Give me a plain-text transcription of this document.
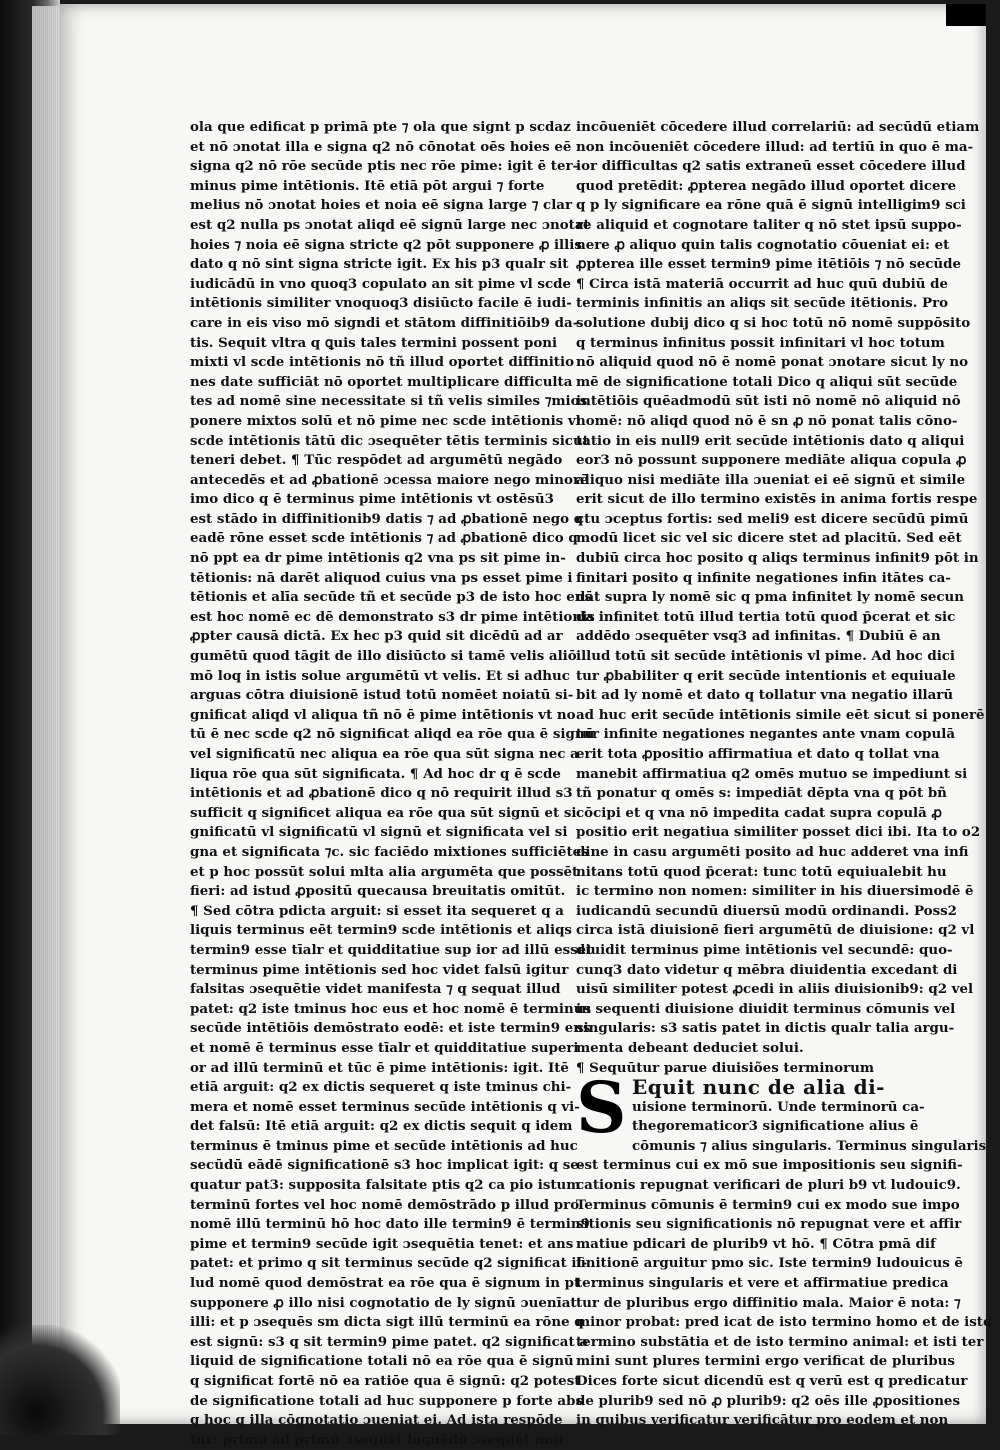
ola que edificat p primā pte ⁊ ola que signt p scdaz
et nō ɔnotat illa e signa q2 nō cōnotat oēs hoies eē
signa q2 nō rōe secūde ptis nec rōe pime: igit ē ter-
minus pime intētionis. Itē etiā pōt argui ⁊ forte
melius nō ɔnotat hoies et noia eē signa large ⁊ clar
est q2 nulla ps ɔnotat aliqd eē signū large nec ɔnotat
hoies ⁊ noia eē signa stricte q2 pōt supponere ꝓ illis
dato q nō sint signa stricte igit. Ex his p3 qualr sit
iudicādū in vno quoq3 copulato an sit pime vl scde
intētionis similiter vnoquoq3 disiūcto facile ē iudi-
care in eis viso mō signdi et stātom diffinitiōib9 da-
tis. Sequit vltra q ꝗuis tales termini possent poni
mixti vl scde intētionis nō tñ illud oportet diffinitio
nes date sufficiāt nō oportet multiplicare difficulta
tes ad nomē sine necessitate si tñ velis similes ⁊mios
ponere mixtos solū et nō pime nec scde intētionis vl
scde intētionis tātū dic ɔsequēter tētis terminis sicut
teneri debet. ¶ Tūc respōdet ad argumētū negādo
antecedēs et ad ꝓbationē ɔcessa maiore nego minorē
imo dico q ē terminus pime intētionis vt ostēsū3
est stādo in diffinitionib9 datis ⁊ ad ꝓbationē nego q
eadē rōne esset scde intētionis ⁊ ad ꝓbationē dico q
nō ppt ea dr pime intētionis q2 vna ps sit pime in-
tētionis: nā darēt aliquod cuius vna ps esset pime i
tētionis et alīa secūde tñ et secūde p3 de isto hoc ens
est hoc nomē ec dē demonstrato s3 dr pime intētionis
ꝓpter causā dictā. Ex hec p3 quid sit dicēdū ad ar
gumētū quod tāgit de illo disiūcto si tamē velis aliō
mō loq in istis solue argumētū vt velis. Et si adhuc
arguas cōtra diuisionē istud totū nomēet noiatū si-
gnificat aliqd vl aliqua tñ nō ē pime intētionis vt no
tū ē nec scde q2 nō significat aliqd ea rōe qua ē signū
vel significatū nec aliqua ea rōe qua sūt signa nec a
liqua rōe qua sūt significata. ¶ Ad hoc dr q ē scde
intētionis et ad ꝓbationē dico q nō requirit illud s3
sufficit q significet aliqua ea rōe qua sūt signū et si
gnificatū vl significatū vl signū et significata vel si
gna et significata ⁊c. sic faciēdo mixtiones sufficiētes
et p hoc possūt solui mlta alia argumēta que possēt
fieri: ad istud ꝓpositū quecausa breuitatis omitūt.
¶ Sed cōtra pdicta arguit: si esset ita sequeret q a
liquis terminus eēt termin9 scde intētionis et aliqs
termin9 esse tīalr et quidditatiue sup ior ad illū esset
terminus pime intētionis sed hoc videt falsū igitur
falsitas ɔsequētie videt manifesta ⁊ q sequat illud
patet: q2 iste tminus hoc eus et hoc nomē ē terminus
secūde intētiōis demōstrato eodē: et iste termin9 ens
et nomē ē terminus esse tīalr et quidditatiue superi
or ad illū terminū et tūc ē pime intētionis: igit. Itē
etiā arguit: q2 ex dictis sequeret q iste tminus chi-
mera et nomē esset terminus secūde intētionis q vi-
det falsū: Itē etiā arguit: q2 ex dictis sequit q idem
terminus ē tminus pime et secūde intētionis ad huc
secūdū eādē significationē s3 hoc implicat igit: q se-
quatur pat3: supposita falsitate ptis q2 ca pio istum
terminū fortes vel hoc nomē demōstrādo p illud pro
nomē illū terminū hō hoc dato ille termin9 ē termin9
pime et termin9 secūde igit ɔsequētia tenet: et ans
patet: et primo q sit terminus secūde q2 significat il-
lud nomē quod demōstrat ea rōe qua ē signum in pt
supponere ꝓ illo nisi cognotatio de ly signū ɔuenīat
illi: et p ɔsequēs sm dicta sigt illū terminū ea rōne q
est signū: s3 q sit termin9 pime patet. q2 significat a
liquid de significatione totali nō ea rōe qua ē signū
q significat fortē nō ea ratiōe qua ē signū: q2 potest
de significatione totali ad huc supponere p forte abs
q hoc q illa cōgnotatio ɔueniat ei. Ad ista respōde
tur: primo ad primū ɔsequēt loquēdo ɔsequēt non
incōueniēt cōcedere illud correlariū: ad secūdū etiam
non incōueniēt cōcedere illud: ad tertiū in quo ē ma-
ior difficultas q2 satis extraneū esset cōcedere illud
quod pretēdit: ꝓpterea negādo illud oportet dicere
q p ly significare ea rōne quā ē signū intelligim9 sci
re aliquid et cognotare taliter q nō stet ipsū suppo-
nere ꝓ aliquo quin talis cognotatio cōueniat ei: et
ꝓpterea ille esset termin9 pime itētiōis ⁊ nō secūde
¶ Circa istā materiā occurrit ad huc quū dubiū de
terminis infinitis an aliqs sit secūde itētionis. Pro
solutione dubij dico q si hoc totū nō nomē suppōsito
q terminus infinitus possit infinitari vl hoc totum
nō aliquid quod nō ē nomē ponat ɔnotare sicut ly no
mē de significatione totali Dico q aliqui sūt secūde
intētiōis quēadmodū sūt isti nō nomē nō aliquid nō
nomē: nō aliqd quod nō ē sn ꝓ nō ponat talis cōno-
tatio in eis null9 erit secūde intētionis dato q aliqui
eor3 nō possunt supponere mediāte aliqua copula ꝓ
aliquo nisi mediāte illa ɔueniat ei eē signū et simile
erit sicut de illo termino existēs in anima fortis respe
ctu ɔceptus fortis: sed meli9 est dicere secūdū pimū
modū licet sic vel sic dicere stet ad placitū. Sed eēt
dubiū circa hoc posito q aliqs terminus infinit9 pōt in
finitari posito q infinite negationes infin itātes ca-
dāt supra ly nomē sic q pma infinitet ly nomē secun
da infinitet totū illud tertia totū quod p̄cerat et sic
addēdo ɔsequēter vsq3 ad infinitas. ¶ Dubiū ē an
illud totū sit secūde intētionis vl pime. Ad hoc dici
tur ꝓbabiliter q erit secūde intentionis et equiuale
bit ad ly nomē et dato q tollatur vna negatio illarū
ad huc erit secūde intētionis simile eēt sicut si ponerē
tur infinite negationes negantes ante vnam copulā
erit tota ꝓpositio affirmatiua et dato q tollat vna
manebit affirmatiua q2 omēs mutuo se impediunt si
tñ ponatur q omēs s: impediāt dēpta vna q pōt bñ
cōcipi et q vna nō impedita cadat supra copulā ꝓ
positio erit negatiua similiter posset dici ibi. Ita to o2
dine in casu argumēti posito ad huc adderet vna infi
nitans totū quod p̄cerat: tunc totū equiualebit hu
ic termino non nomen: similiter in his diuersimodē ē
iudicandū secundū diuersū modū ordinandi. Poss2
circa istā diuisionē fieri argumētū de diuisione: q2 vl
diuidit terminus pime intētionis vel secundē: quo-
cunq3 dato videtur q mēbra diuidentia excedant di
uisū similiter potest ꝓcedi in aliis diuisionib9: q2 vel
in sequenti diuisione diuidit terminus cōmunis vel
singularis: s3 satis patet in dictis qualr talia argu-
menta debeant deduciet solui.
¶ Sequūtur parue diuisiões terminorum
S Equit nunc de alia di-
uisione terminorū. Unde terminorū ca-
thegorematicor3 significatione alius ē
cōmunis ⁊ alius singularis. Terminus singularis
est terminus cui ex mō sue impositionis seu signifi-
cationis repugnat verificari de pluri b9 vt ludouic9.
Terminus cōmunis ē termin9 cui ex modo sue impo
sitionis seu significationis nō repugnat vere et affir
matiue pdicari de plurib9 vt hō. ¶ Cōtra pmā dif
finitionē arguitur pmo sic. Iste termin9 ludouicus ē
terminus singularis et vere et affirmatiue predica
tur de pluribus ergo diffinitio mala. Maior ē nota: ⁊
minor probat: pred icat de isto termino homo et de isto
termino substātia et de isto termino animal: et isti ter
mini sunt plures termini ergo verificat de pluribus
Dices forte sicut dicendū est q verū est q predicatur
de plurib9 sed nō ꝓ plurib9: q2 oēs ille ꝓpositiones
in quibus verificatur verificātur pro eodem et non
